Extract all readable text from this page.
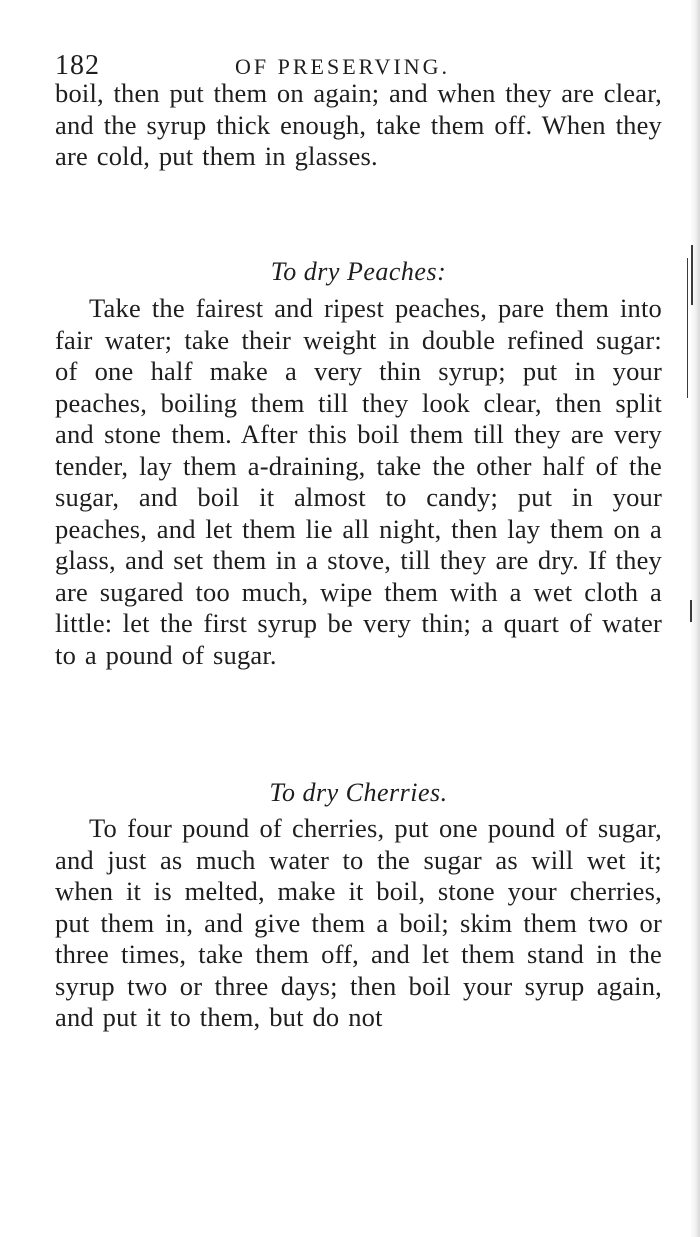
182	OF PRESERVING.

boil, then put them on again; and when they are clear, and the syrup thick enough, take them off. When they are cold, put them in glasses.

To dry Peaches:

Take the fairest and ripest peaches, pare them into fair water; take their weight in double refined sugar: of one half make a very thin syrup; put in your peaches, boiling them till they look clear, then split and stone them. After this boil them till they are very tender, lay them a-draining, take the other half of the sugar, and boil it almost to candy; put in your peaches, and let them lie all night, then lay them on a glass, and set them in a stove, till they are dry. If they are sugared too much, wipe them with a wet cloth a little: let the first syrup be very thin; a quart of water to a pound of sugar.

To dry Cherries.

To four pound of cherries, put one pound of sugar, and just as much water to the sugar as will wet it; when it is melted, make it boil, stone your cherries, put them in, and give them a boil; skim them two or three times, take them off, and let them stand in the syrup two or three days; then boil your syrup again, and put it to them, but do not
